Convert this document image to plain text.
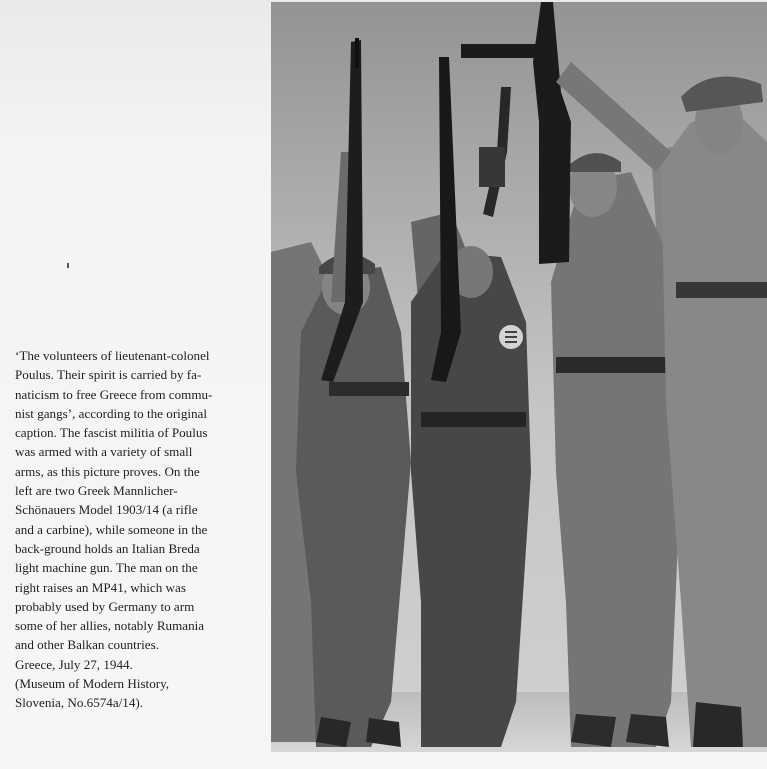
‘The volunteers of lieutenant-colonel
Poulus. Their spirit is carried by fa-
naticism to free Greece from commu-
nist gangs’, according to the original
caption. The fascist militia of Poulus
was armed with a variety of small
arms, as this picture proves. On the
left are two Greek Mannlicher-
Schönauers Model 1903/14 (a rifle
and a carbine), while someone in the
back-ground holds an Italian Breda
light machine gun. The man on the
right raises an MP41, which was
probably used by Germany to arm
some of her allies, notably Rumania
and other Balkan countries.
Greece, July 27, 1944.
(Museum of Modern History,
Slovenia, No.6574a/14).
